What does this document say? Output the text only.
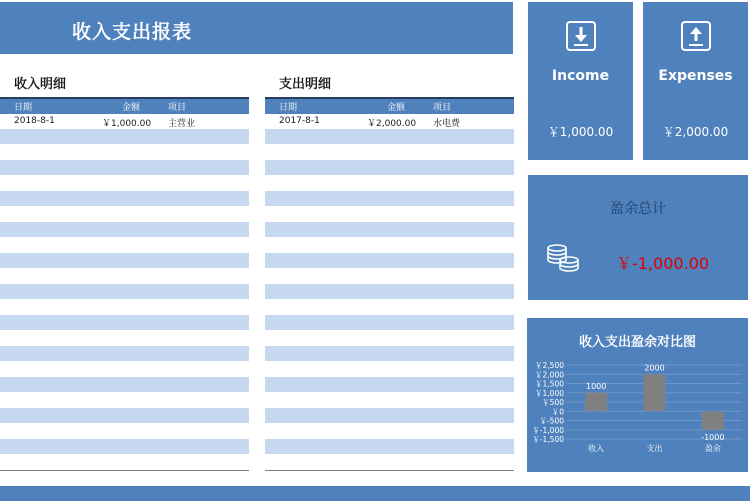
收入支出报表
收入明细
日期	金额	项目
2018-8-1	￥1,000.00 主营业
支出明细
日期	金额	项目
2017-8-1	￥2,000.00 水电费
Income
￥1,000.00
Expenses
￥2,000.00
盈余总计
￥-1,000.00
收入支出盈余对比图
￥2,500
￥2,000
￥1,500
￥1,000
￥500
￥0
￥-500
￥-1,000
￥-1,500
1000
收入
2000
支出
-1000
盈余
